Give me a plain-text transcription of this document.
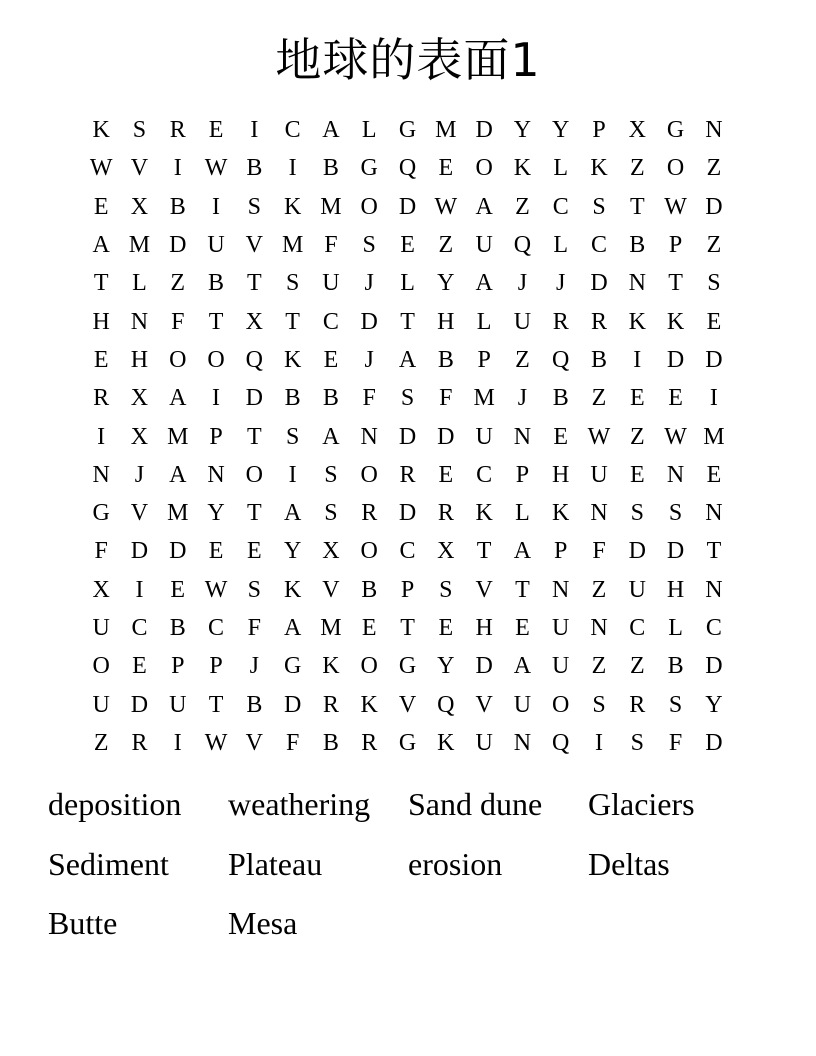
地球的表面1
K	S	R	E	I	C	A	L	G	M	D	Y	Y	P	X	G	N
W	V	I	W	B	I	B	G	Q	E	O	K	L	K	Z	O	Z
E	X	B	I	S	K	M	O	D	W	A	Z	C	S	T	W	D
A	M	D	U	V	M	F	S	E	Z	U	Q	L	C	B	P	Z
T	L	Z	B	T	S	U	J	L	Y	A	J	J	D	N	T	S
H	N	F	T	X	T	C	D	T	H	L	U	R	R	K	K	E
E	H	O	O	Q	K	E	J	A	B	P	Z	Q	B	I	D	D
R	X	A	I	D	B	B	F	S	F	M	J	B	Z	E	E	I
I	X	M	P	T	S	A	N	D	D	U	N	E	W	Z	W	M
N	J	A	N	O	I	S	O	R	E	C	P	H	U	E	N	E
G	V	M	Y	T	A	S	R	D	R	K	L	K	N	S	S	N
F	D	D	E	E	Y	X	O	C	X	T	A	P	F	D	D	T
X	I	E	W	S	K	V	B	P	S	V	T	N	Z	U	H	N
U	C	B	C	F	A	M	E	T	E	H	E	U	N	C	L	C
O	E	P	P	J	G	K	O	G	Y	D	A	U	Z	Z	B	D
U	D	U	T	B	D	R	K	V	Q	V	U	O	S	R	S	Y
Z	R	I	W	V	F	B	R	G	K	U	N	Q	I	S	F	D
deposition	weathering	Sand dune	Glaciers
Sediment	Plateau	erosion	Deltas
Butte	Mesa
